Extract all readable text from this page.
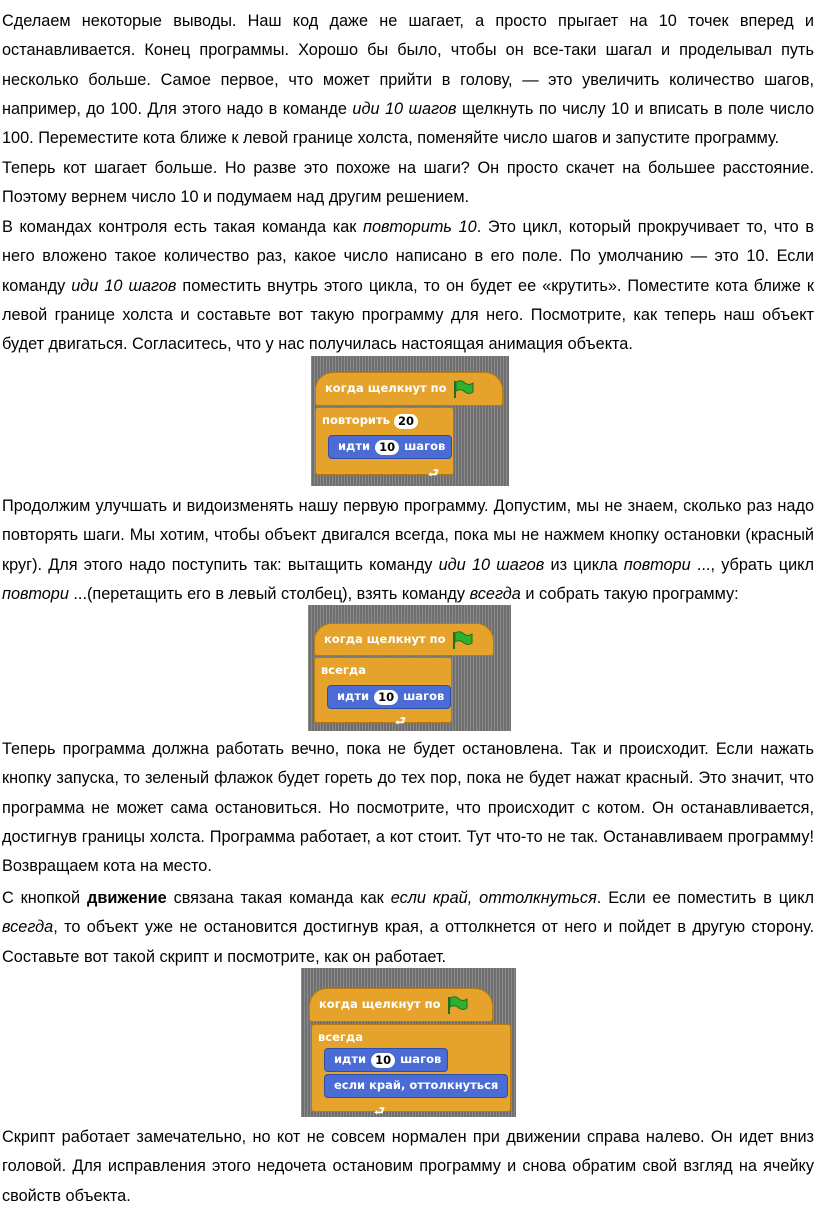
Сделаем некоторые выводы. Наш код даже не шагает, а просто прыгает на 10 точек вперед и останавливается. Конец программы. Хорошо бы было, чтобы он все-таки шагал и проделывал путь несколько больше. Самое первое, что может прийти в голову, — это увеличить количество шагов, например, до 100. Для этого надо в команде иди 10 шагов щелкнуть по числу 10 и вписать в поле число 100. Переместите кота ближе к левой границе холста, поменяйте число шагов и запустите программу.

Теперь кот шагает больше. Но разве это похоже на шаги? Он просто скачет на большее расстояние. Поэтому вернем число 10 и подумаем над другим решением.

В командах контроля есть такая команда как повторить 10. Это цикл, который прокручивает то, что в него вложено такое количество раз, какое число написано в его поле. По умолчанию — это 10. Если команду иди 10 шагов поместить внутрь этого цикла, то он будет ее «крутить». Поместите кота ближе к левой границе холста и составьте вот такую программу для него. Посмотрите, как теперь наш объект будет двигаться. Согласитесь, что у нас получилась настоящая анимация объекта.

когда щелкнут по
повторить
20
идти 10 шагов
⮐

Продолжим улучшать и видоизменять нашу первую программу. Допустим, мы не знаем, сколько раз надо повторять шаги. Мы хотим, чтобы объект двигался всегда, пока мы не нажмем кнопку остановки (красный круг). Для этого надо поступить так: вытащить команду иди 10 шагов из цикла повтори ..., убрать цикл повтори ...(перетащить его в левый столбец), взять команду всегда и собрать такую программу:

когда щелкнут по
всегда
идти 10 шагов
⮐

Теперь программа должна работать вечно, пока не будет остановлена. Так и происходит. Если нажать кнопку запуска, то зеленый флажок будет гореть до тех пор, пока не будет нажат красный. Это значит, что программа не может сама остановиться. Но посмотрите, что происходит с котом. Он останавливается, достигнув границы холста. Программа работает, а кот стоит. Тут что-то не так. Останавливаем программу! Возвращаем кота на место.

С кнопкой движение связана такая команда как если край, оттолкнуться. Если ее поместить в цикл всегда, то объект уже не остановится достигнув края, а оттолкнется от него и пойдет в другую сторону. Составьте вот такой скрипт и посмотрите, как он работает.

когда щелкнут по
всегда
идти 10 шагов
если край, оттолкнуться
⮐

Скрипт работает замечательно, но кот не совсем нормален при движении справа налево. Он идет вниз головой. Для исправления этого недочета остановим программу и снова обратим свой взгляд на ячейку свойств объекта.
